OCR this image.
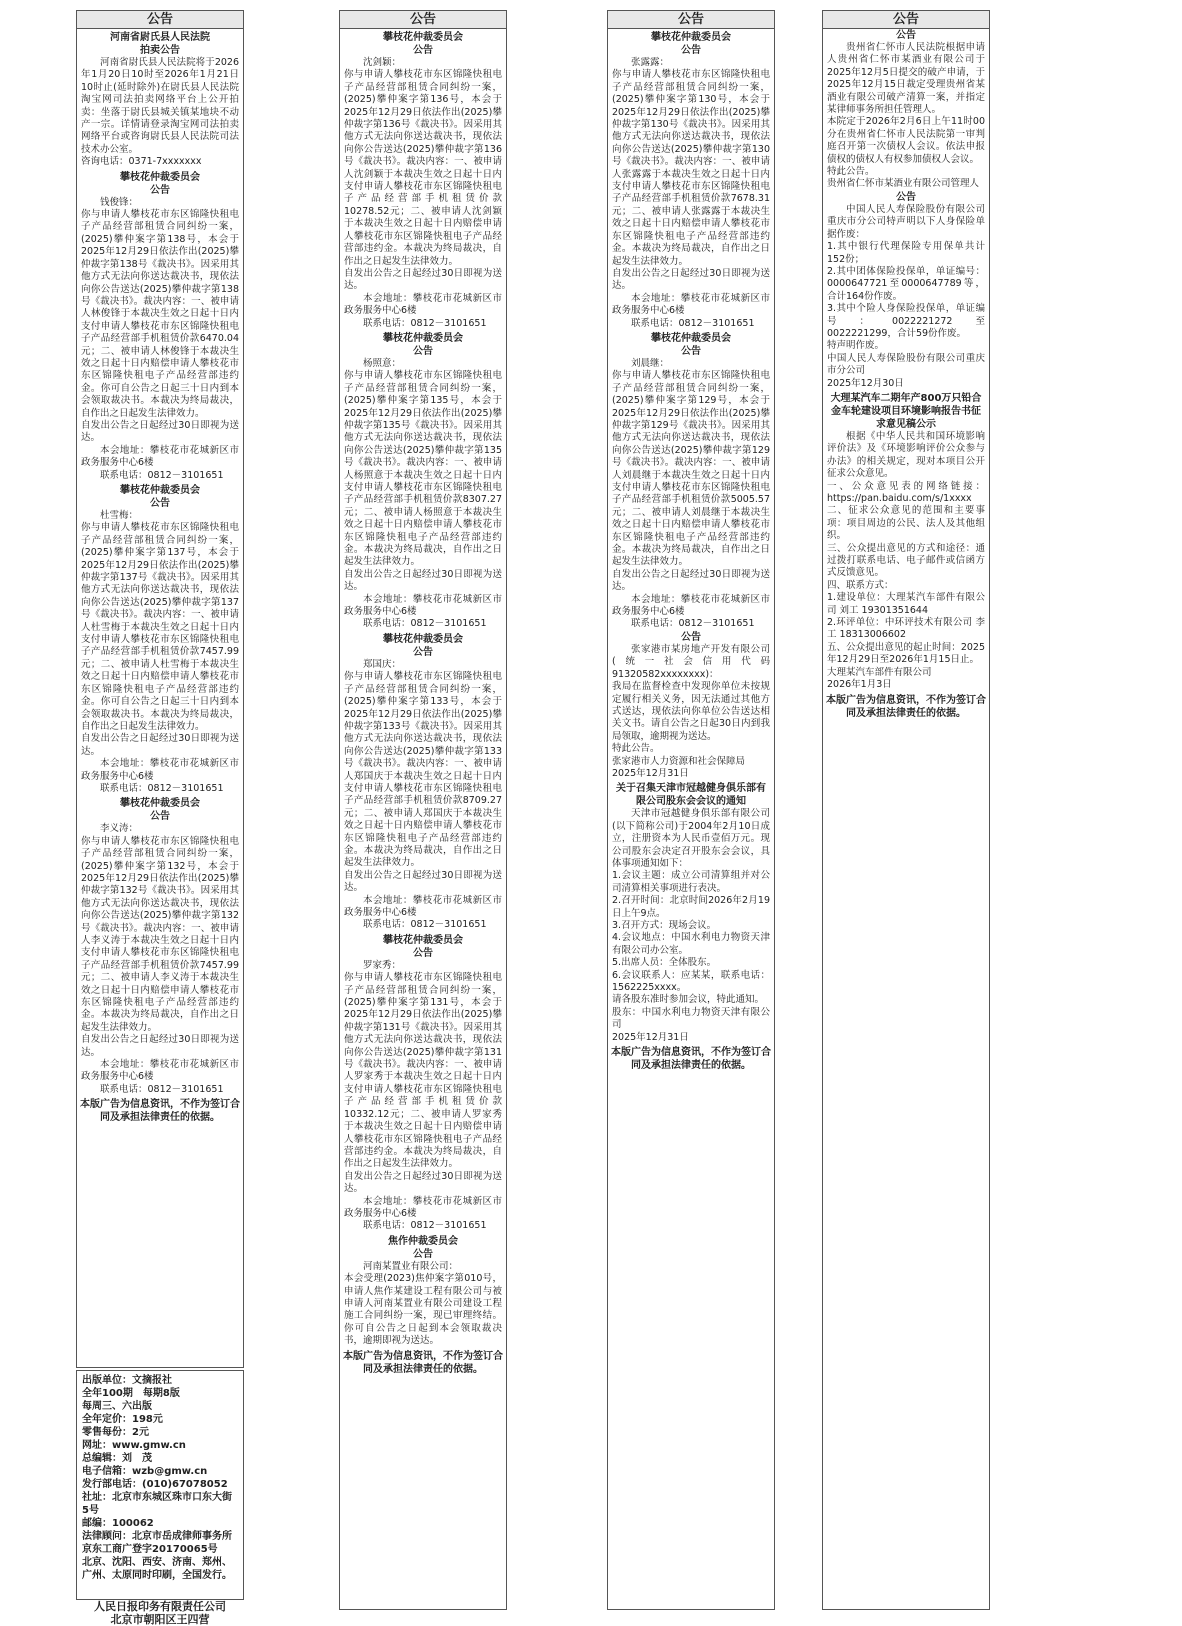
公告
河南省尉氏县人民法院
拍卖公告
河南省尉氏县人民法院将于2026年1月20日10时至2026年1月21日10时止(延时除外)在尉氏县人民法院淘宝网司法拍卖网络平台上公开拍卖：坐落于尉氏县城关镇某地块不动产一宗。详情请登录淘宝网司法拍卖网络平台或咨询尉氏县人民法院司法技术办公室。
咨询电话：0371-7xxxxxxx
攀枝花仲裁委员会
公告
钱俊锋：
你与申请人攀枝花市东区锦隆快租电子产品经营部租赁合同纠纷一案，(2025)攀仲案字第138号，本会于2025年12月29日依法作出(2025)攀仲裁字第138号《裁决书》。因采用其他方式无法向你送达裁决书，现依法向你公告送达(2025)攀仲裁字第138号《裁决书》。裁决内容：一、被申请人林俊锋于本裁决生效之日起十日内支付申请人攀枝花市东区锦隆快租电子产品经营部手机租赁价款6470.04元；二、被申请人林俊锋于本裁决生效之日起十日内赔偿申请人攀枝花市东区锦隆快租电子产品经营部违约金。你可自公告之日起三十日内到本会领取裁决书。本裁决为终局裁决，自作出之日起发生法律效力。
自发出公告之日起经过30日即视为送达。
本会地址：攀枝花市花城新区市政务服务中心6楼
联系电话：0812－3101651
攀枝花仲裁委员会
公告
杜雪梅：
你与申请人攀枝花市东区锦隆快租电子产品经营部租赁合同纠纷一案，(2025)攀仲案字第137号，本会于2025年12月29日依法作出(2025)攀仲裁字第137号《裁决书》。因采用其他方式无法向你送达裁决书，现依法向你公告送达(2025)攀仲裁字第137号《裁决书》。裁决内容：一、被申请人杜雪梅于本裁决生效之日起十日内支付申请人攀枝花市东区锦隆快租电子产品经营部手机租赁价款7457.99元；二、被申请人杜雪梅于本裁决生效之日起十日内赔偿申请人攀枝花市东区锦隆快租电子产品经营部违约金。你可自公告之日起三十日内到本会领取裁决书。本裁决为终局裁决，自作出之日起发生法律效力。
自发出公告之日起经过30日即视为送达。
本会地址：攀枝花市花城新区市政务服务中心6楼
联系电话：0812－3101651
攀枝花仲裁委员会
公告
李义涛：
你与申请人攀枝花市东区锦隆快租电子产品经营部租赁合同纠纷一案，(2025)攀仲案字第132号，本会于2025年12月29日依法作出(2025)攀仲裁字第132号《裁决书》。因采用其他方式无法向你送达裁决书，现依法向你公告送达(2025)攀仲裁字第132号《裁决书》。裁决内容：一、被申请人李义涛于本裁决生效之日起十日内支付申请人攀枝花市东区锦隆快租电子产品经营部手机租赁价款7457.99元；二、被申请人李义涛于本裁决生效之日起十日内赔偿申请人攀枝花市东区锦隆快租电子产品经营部违约金。本裁决为终局裁决，自作出之日起发生法律效力。
自发出公告之日起经过30日即视为送达。
本会地址：攀枝花市花城新区市政务服务中心6楼
联系电话：0812－3101651
本版广告为信息资讯，不作为签订合同及承担法律责任的依据。
公告
攀枝花仲裁委员会
公告
沈剑颖：
你与申请人攀枝花市东区锦隆快租电子产品经营部租赁合同纠纷一案，(2025)攀仲案字第136号，本会于2025年12月29日依法作出(2025)攀仲裁字第136号《裁决书》。因采用其他方式无法向你送达裁决书，现依法向你公告送达(2025)攀仲裁字第136号《裁决书》。裁决内容：一、被申请人沈剑颖于本裁决生效之日起十日内支付申请人攀枝花市东区锦隆快租电子产品经营部手机租赁价款10278.52元；二、被申请人沈剑颖于本裁决生效之日起十日内赔偿申请人攀枝花市东区锦隆快租电子产品经营部违约金。本裁决为终局裁决，自作出之日起发生法律效力。
自发出公告之日起经过30日即视为送达。
本会地址：攀枝花市花城新区市政务服务中心6楼
联系电话：0812－3101651
攀枝花仲裁委员会
公告
杨照意：
你与申请人攀枝花市东区锦隆快租电子产品经营部租赁合同纠纷一案，(2025)攀仲案字第135号，本会于2025年12月29日依法作出(2025)攀仲裁字第135号《裁决书》。因采用其他方式无法向你送达裁决书，现依法向你公告送达(2025)攀仲裁字第135号《裁决书》。裁决内容：一、被申请人杨照意于本裁决生效之日起十日内支付申请人攀枝花市东区锦隆快租电子产品经营部手机租赁价款8307.27元；二、被申请人杨照意于本裁决生效之日起十日内赔偿申请人攀枝花市东区锦隆快租电子产品经营部违约金。本裁决为终局裁决，自作出之日起发生法律效力。
自发出公告之日起经过30日即视为送达。
本会地址：攀枝花市花城新区市政务服务中心6楼
联系电话：0812－3101651
攀枝花仲裁委员会
公告
郑国庆：
你与申请人攀枝花市东区锦隆快租电子产品经营部租赁合同纠纷一案，(2025)攀仲案字第133号，本会于2025年12月29日依法作出(2025)攀仲裁字第133号《裁决书》。因采用其他方式无法向你送达裁决书，现依法向你公告送达(2025)攀仲裁字第133号《裁决书》。裁决内容：一、被申请人郑国庆于本裁决生效之日起十日内支付申请人攀枝花市东区锦隆快租电子产品经营部手机租赁价款8709.27元；二、被申请人郑国庆于本裁决生效之日起十日内赔偿申请人攀枝花市东区锦隆快租电子产品经营部违约金。本裁决为终局裁决，自作出之日起发生法律效力。
自发出公告之日起经过30日即视为送达。
本会地址：攀枝花市花城新区市政务服务中心6楼
联系电话：0812－3101651
攀枝花仲裁委员会
公告
罗家秀：
你与申请人攀枝花市东区锦隆快租电子产品经营部租赁合同纠纷一案，(2025)攀仲案字第131号，本会于2025年12月29日依法作出(2025)攀仲裁字第131号《裁决书》。因采用其他方式无法向你送达裁决书，现依法向你公告送达(2025)攀仲裁字第131号《裁决书》。裁决内容：一、被申请人罗家秀于本裁决生效之日起十日内支付申请人攀枝花市东区锦隆快租电子产品经营部手机租赁价款10332.12元；二、被申请人罗家秀于本裁决生效之日起十日内赔偿申请人攀枝花市东区锦隆快租电子产品经营部违约金。本裁决为终局裁决，自作出之日起发生法律效力。
自发出公告之日起经过30日即视为送达。
本会地址：攀枝花市花城新区市政务服务中心6楼
联系电话：0812－3101651
焦作仲裁委员会
公告
河南某置业有限公司：
本会受理(2023)焦仲案字第010号，申请人焦作某建设工程有限公司与被申请人河南某置业有限公司建设工程施工合同纠纷一案，现已审理终结。你可自公告之日起到本会领取裁决书，逾期即视为送达。
本版广告为信息资讯，不作为签订合同及承担法律责任的依据。
公告
攀枝花仲裁委员会
公告
张露露：
你与申请人攀枝花市东区锦隆快租电子产品经营部租赁合同纠纷一案，(2025)攀仲案字第130号，本会于2025年12月29日依法作出(2025)攀仲裁字第130号《裁决书》。因采用其他方式无法向你送达裁决书，现依法向你公告送达(2025)攀仲裁字第130号《裁决书》。裁决内容：一、被申请人张露露于本裁决生效之日起十日内支付申请人攀枝花市东区锦隆快租电子产品经营部手机租赁价款7678.31元；二、被申请人张露露于本裁决生效之日起十日内赔偿申请人攀枝花市东区锦隆快租电子产品经营部违约金。本裁决为终局裁决，自作出之日起发生法律效力。
自发出公告之日起经过30日即视为送达。
本会地址：攀枝花市花城新区市政务服务中心6楼
联系电话：0812－3101651
攀枝花仲裁委员会
公告
刘晨继：
你与申请人攀枝花市东区锦隆快租电子产品经营部租赁合同纠纷一案，(2025)攀仲案字第129号，本会于2025年12月29日依法作出(2025)攀仲裁字第129号《裁决书》。因采用其他方式无法向你送达裁决书，现依法向你公告送达(2025)攀仲裁字第129号《裁决书》。裁决内容：一、被申请人刘晨继于本裁决生效之日起十日内支付申请人攀枝花市东区锦隆快租电子产品经营部手机租赁价款5005.57元；二、被申请人刘晨继于本裁决生效之日起十日内赔偿申请人攀枝花市东区锦隆快租电子产品经营部违约金。本裁决为终局裁决，自作出之日起发生法律效力。
自发出公告之日起经过30日即视为送达。
本会地址：攀枝花市花城新区市政务服务中心6楼
联系电话：0812－3101651
公告
张家港市某房地产开发有限公司(统一社会信用代码91320582xxxxxxxx)：
我局在监督检查中发现你单位未按规定履行相关义务，因无法通过其他方式送达，现依法向你单位公告送达相关文书。请自公告之日起30日内到我局领取，逾期视为送达。
特此公告。
张家港市人力资源和社会保障局
2025年12月31日
关于召集天津市冠越健身俱乐部有限公司股东会会议的通知
天津市冠越健身俱乐部有限公司(以下简称公司)于2004年2月10日成立，注册资本为人民币壹佰万元。现公司股东会决定召开股东会会议，具体事项通知如下：
1.会议主题：成立公司清算组并对公司清算相关事项进行表决。
2.召开时间：北京时间2026年2月19日上午9点。
3.召开方式：现场会议。
4.会议地点：中国水利电力物资天津有限公司办公室。
5.出席人员：全体股东。
6.会议联系人：应某某，联系电话：1562225xxxx。
请各股东准时参加会议，特此通知。
股东：中国水利电力物资天津有限公司
2025年12月31日
本版广告为信息资讯，不作为签订合同及承担法律责任的依据。
公告
公告
贵州省仁怀市人民法院根据申请人贵州省仁怀市某酒业有限公司于2025年12月5日提交的破产申请，于2025年12月15日裁定受理贵州省某酒业有限公司破产清算一案，并指定某律师事务所担任管理人。
本院定于2026年2月6日上午11时00分在贵州省仁怀市人民法院第一审判庭召开第一次债权人会议。依法申报债权的债权人有权参加债权人会议。
特此公告。
贵州省仁怀市某酒业有限公司管理人
公告
中国人民人寿保险股份有限公司重庆市分公司特声明以下人身保险单据作废：
1.其中银行代理保险专用保单共计152份；
2.其中团体保险投保单，单证编号：0000647721至0000647789等，合计164份作废。
3.其中个险人身保险投保单，单证编号：0022221272至0022221299，合计59份作废。
特声明作废。
中国人民人寿保险股份有限公司重庆市分公司
2025年12月30日
大理某汽车二期年产800万只铅合金车轮建设项目环境影响报告书征求意见稿公示
根据《中华人民共和国环境影响评价法》及《环境影响评价公众参与办法》的相关规定，现对本项目公开征求公众意见。
一、公众意见表的网络链接：https://pan.baidu.com/s/1xxxx
二、征求公众意见的范围和主要事项：项目周边的公民、法人及其他组织。
三、公众提出意见的方式和途径：通过拨打联系电话、电子邮件或信函方式反馈意见。
四、联系方式：
1.建设单位：大理某汽车部件有限公司 刘工 19301351644
2.环评单位：中环评技术有限公司 李工 18313006602
五、公众提出意见的起止时间：2025年12月29日至2026年1月15日止。
大理某汽车部件有限公司
2026年1月3日
本版广告为信息资讯，不作为签订合同及承担法律责任的依据。
出版单位：文摘报社
全年100期　每期8版
每周三、六出版
全年定价：198元
零售每份：2元
网址：www.gmw.cn
总编辑：刘　茂
电子信箱：wzb@gmw.cn
发行部电话：(010)67078052
社址：北京市东城区珠市口东大街5号
邮编：100062
法律顾问：北京市岳成律师事务所
京东工商广登字20170065号
北京、沈阳、西安、济南、郑州、广州、太原同时印刷，全国发行。
人民日报印务有限责任公司
北京市朝阳区王四营
